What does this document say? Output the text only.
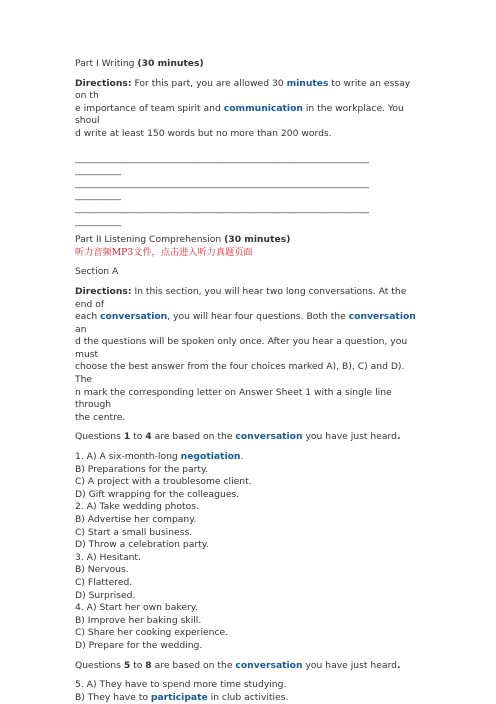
Part I Writing (30 minutes)

Directions: For this part, you are allowed 30 minutes to write an essay on th
e importance of team spirit and communication in the workplace. You shoul
d write at least 150 words but no more than 200 words.

________________________________________________________________
__________
________________________________________________________________
__________
________________________________________________________________
__________

Part II Listening Comprehension (30 minutes)

听力音频MP3文件，点击进入听力真题页面

Section A

Directions: In this section, you will hear two long conversations. At the end of
each conversation, you will hear four questions. Both the conversation an
d the questions will be spoken only once. After you hear a question, you must
choose the best answer from the four choices marked A), B), C) and D). The
n mark the corresponding letter on Answer Sheet 1 with a single line through
the centre.

Questions 1 to 4 are based on the conversation you have just heard.

1. A) A six-month-long negotiation.
B) Preparations for the party.
C) A project with a troublesome client.
D) Gift wrapping for the colleagues.
2. A) Take wedding photos.
B) Advertise her company.
C) Start a small business.
D) Throw a celebration party.
3. A) Hesitant.
B) Nervous.
C) Flattered.
D) Surprised.
4. A) Start her own bakery.
B) Improve her baking skill.
C) Share her cooking experience.
D) Prepare for the wedding.

Questions 5 to 8 are based on the conversation you have just heard.

5. A) They have to spend more time studying.
B) They have to participate in club activities.
